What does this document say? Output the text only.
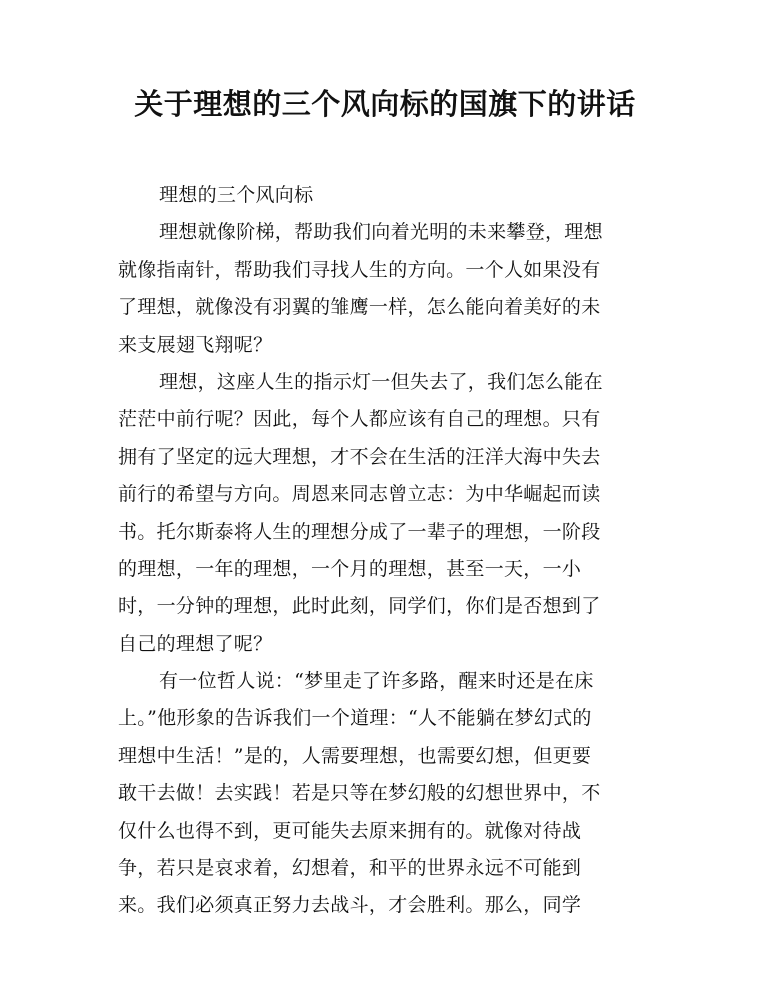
关于理想的三个风向标的国旗下的讲话
理想的三个风向标
理想就像阶梯，帮助我们向着光明的未来攀登，理想
就像指南针，帮助我们寻找人生的方向。一个人如果没有
了理想，就像没有羽翼的雏鹰一样，怎么能向着美好的未
来支展翅飞翔呢？
理想，这座人生的指示灯一但失去了，我们怎么能在
茫茫中前行呢？因此，每个人都应该有自己的理想。只有
拥有了坚定的远大理想，才不会在生活的汪洋大海中失去
前行的希望与方向。周恩来同志曾立志：为中华崛起而读
书。托尔斯泰将人生的理想分成了一辈子的理想，一阶段
的理想，一年的理想，一个月的理想，甚至一天，一小
时，一分钟的理想，此时此刻，同学们，你们是否想到了
自己的理想了呢？
有一位哲人说：“梦里走了许多路，醒来时还是在床
上。”他形象的告诉我们一个道理：“人不能躺在梦幻式的
理想中生活！”是的，人需要理想，也需要幻想，但更要
敢干去做！去实践！若是只等在梦幻般的幻想世界中，不
仅什么也得不到，更可能失去原来拥有的。就像对待战
争，若只是哀求着，幻想着，和平的世界永远不可能到
来。我们必须真正努力去战斗，才会胜利。那么，同学
